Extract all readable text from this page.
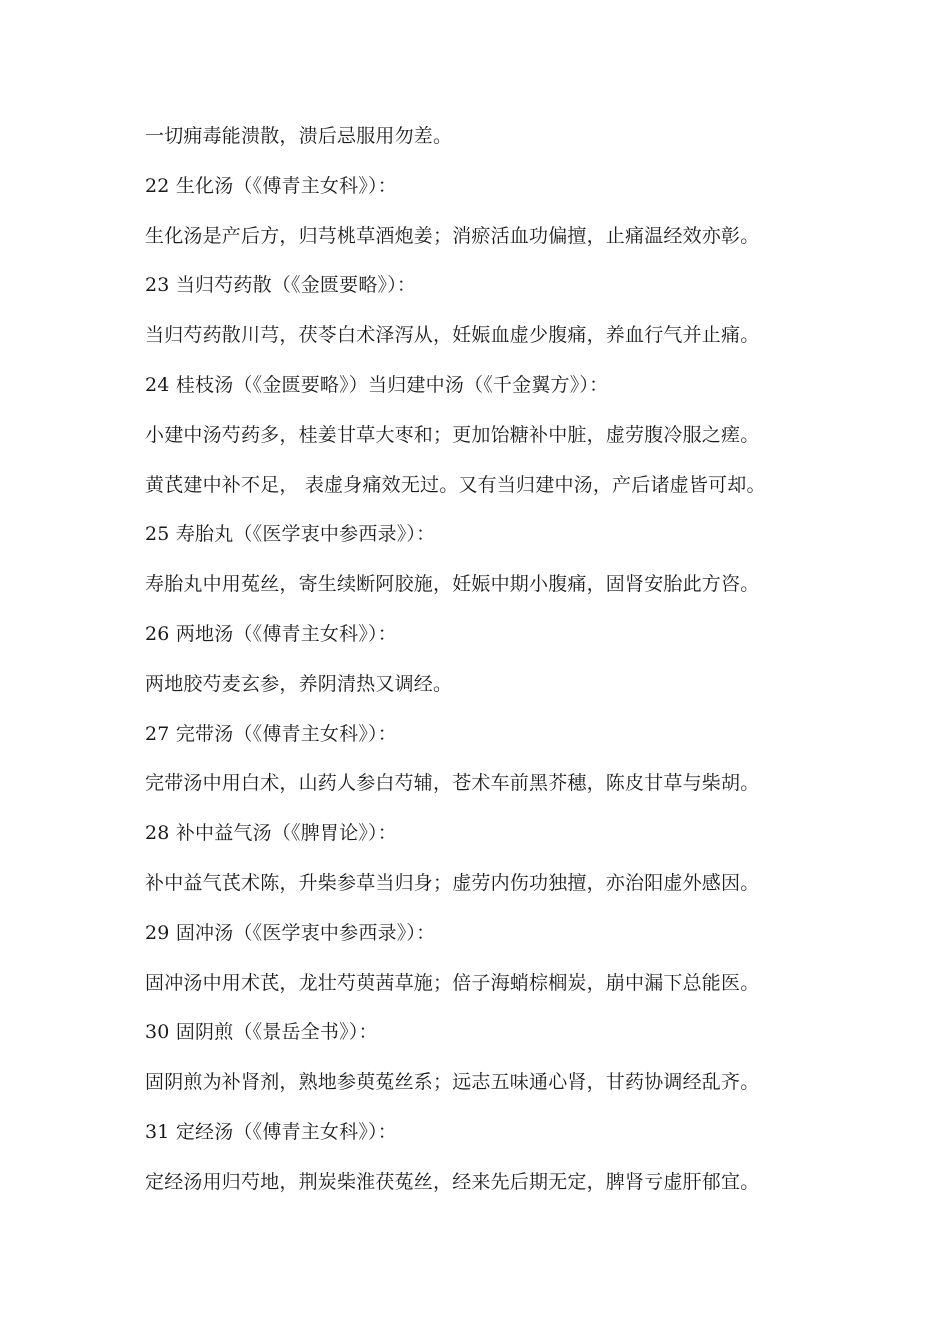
一切痈毒能溃散，溃后忌服用勿差。
22 生化汤（《傅青主女科》）：
生化汤是产后方，归芎桃草酒炮姜；消瘀活血功偏擅，止痛温经效亦彰。
23 当归芍药散（《金匮要略》）：
当归芍药散川芎，茯苓白术泽泻从，妊娠血虚少腹痛，养血行气并止痛。
24 桂枝汤（《金匮要略》）当归建中汤（《千金翼方》）：
小建中汤芍药多，桂姜甘草大枣和；更加饴糖补中脏，虚劳腹冷服之瘥。
黄芪建中补不足， 表虚身痛效无过。又有当归建中汤，产后诸虚皆可却。
25 寿胎丸（《医学衷中参西录》）：
寿胎丸中用菟丝，寄生续断阿胶施，妊娠中期小腹痛，固肾安胎此方咨。
26 两地汤（《傅青主女科》）：
两地胶芍麦玄参，养阴清热又调经。
27 完带汤（《傅青主女科》）：
完带汤中用白术，山药人参白芍辅，苍术车前黑芥穗，陈皮甘草与柴胡。
28 补中益气汤（《脾胃论》）：
补中益气芪术陈，升柴参草当归身；虚劳内伤功独擅，亦治阳虚外感因。
29 固冲汤（《医学衷中参西录》）：
固冲汤中用术芪，龙壮芍萸茜草施；倍子海蛸棕榈炭，崩中漏下总能医。
30 固阴煎（《景岳全书》）：
固阴煎为补肾剂，熟地参萸菟丝系；远志五味通心肾，甘药协调经乱齐。
31 定经汤（《傅青主女科》）：
定经汤用归芍地，荆炭柴淮茯菟丝，经来先后期无定，脾肾亏虚肝郁宜。
